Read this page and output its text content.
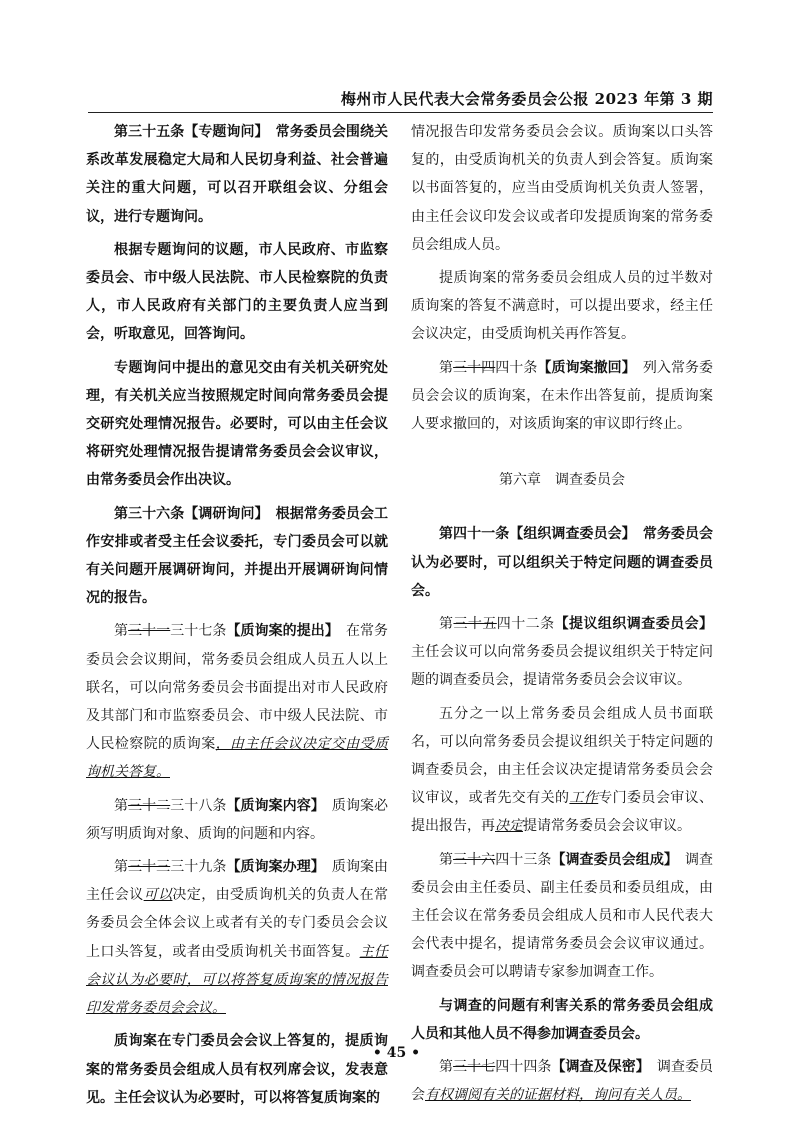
梅州市人民代表大会常务委员会公报 2023 年第 3 期

第三十五条【专题询问】　 常务委员会围绕关系改革发展稳定大局和人民切身利益、社会普遍关注的重大问题，可以召开联组会议、分组会议，进行专题询问。

根据专题询问的议题，市人民政府、市监察委员会、市中级人民法院、市人民检察院的负责人，市人民政府有关部门的主要负责人应当到会，听取意见，回答询问。

专题询问中提出的意见交由有关机关研究处理，有关机关应当按照规定时间向常务委员会提交研究处理情况报告。必要时，可以由主任会议将研究处理情况报告提请常务委员会会议审议，由常务委员会作出决议。

第三十六条【调研询问】　 根据常务委员会工作安排或者受主任会议委托，专门委员会可以就有关问题开展调研询问，并提出开展调研询问情况的报告。

第三十一三十七条【质询案的提出】　 在常务委员会会议期间，常务委员会组成人员五人以上联名，可以向常务委员会书面提出对市人民政府及其部门和市监察委员会、市中级人民法院、市人民检察院的质询案，由主任会议决定交由受质询机关答复。

第三十二三十八条【质询案内容】　 质询案必须写明质询对象、质询的问题和内容。

第三十三三十九条【质询案办理】　 质询案由主任会议可以决定，由受质询机关的负责人在常务委员会全体会议上或者有关的专门委员会会议上口头答复，或者由受质询机关书面答复。主任会议认为必要时，可以将答复质询案的情况报告印发常务委员会会议。

质询案在专门委员会会议上答复的，提质询案的常务委员会组成人员有权列席会议，发表意见。主任会议认为必要时，可以将答复质询案的

情况报告印发常务委员会会议。质询案以口头答复的，由受质询机关的负责人到会答复。质询案以书面答复的，应当由受质询机关负责人签署，由主任会议印发会议或者印发提质询案的常务委员会组成人员。

提质询案的常务委员会组成人员的过半数对质询案的答复不满意时，可以提出要求，经主任会议决定，由受质询机关再作答复。

第三十四四十条【质询案撤回】　 列入常务委员会会议的质询案，在未作出答复前，提质询案人要求撤回的，对该质询案的审议即行终止。

第六章　调查委员会

第四十一条【组织调查委员会】　 常务委员会认为必要时，可以组织关于特定问题的调查委员会。

第三十五四十二条【提议组织调查委员会】主任会议可以向常务委员会提议组织关于特定问题的调查委员会，提请常务委员会会议审议。

五分之一以上常务委员会组成人员书面联名，可以向常务委员会提议组织关于特定问题的调查委员会，由主任会议决定提请常务委员会会议审议，或者先交有关的工作专门委员会审议、提出报告，再决定提请常务委员会会议审议。

第三十六四十三条【调查委员会组成】　 调查委员会由主任委员、副主任委员和委员组成，由主任会议在常务委员会组成人员和市人民代表大会代表中提名，提请常务委员会会议审议通过。调查委员会可以聘请专家参加调查工作。

与调查的问题有利害关系的常务委员会组成人员和其他人员不得参加调查委员会。

第三十七四十四条【调查及保密】　 调查委员会有权调阅有关的证据材料，询问有关人员。

• 45 •
